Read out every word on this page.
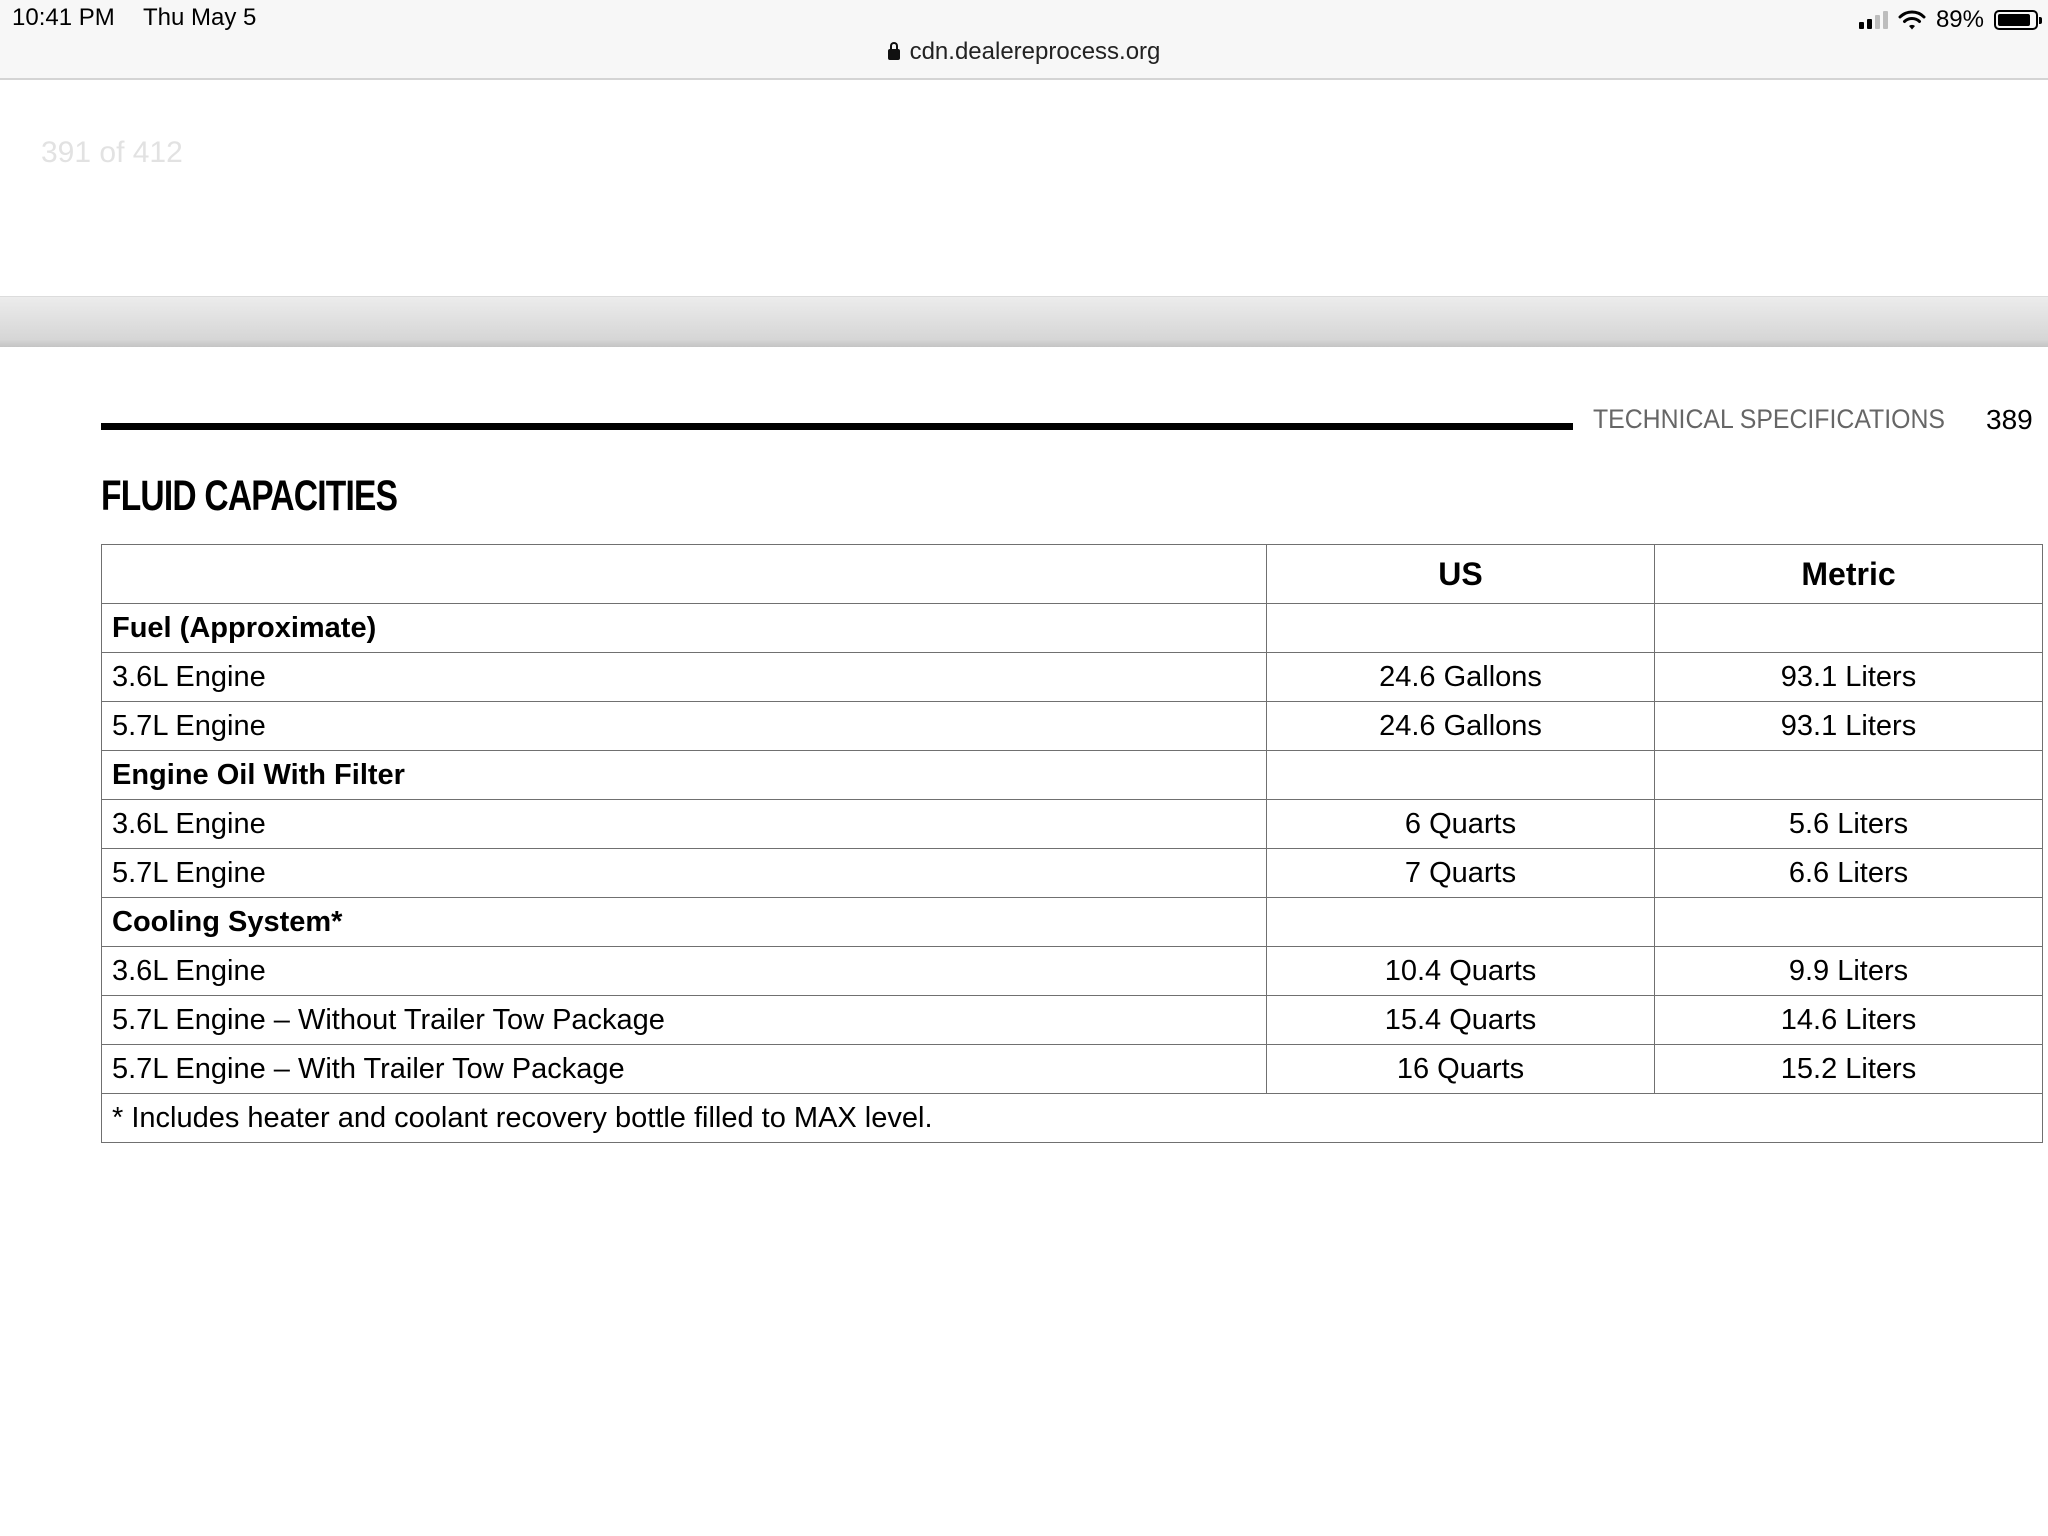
10:41 PM Thu May 5	89%
cdn.dealereprocess.org
391 of 412
TECHNICAL SPECIFICATIONS 389
FLUID CAPACITIES
	US	Metric
Fuel (Approximate)		
3.6L Engine	24.6 Gallons	93.1 Liters
5.7L Engine	24.6 Gallons	93.1 Liters
Engine Oil With Filter		
3.6L Engine	6 Quarts	5.6 Liters
5.7L Engine	7 Quarts	6.6 Liters
Cooling System*		
3.6L Engine	10.4 Quarts	9.9 Liters
5.7L Engine – Without Trailer Tow Package	15.4 Quarts	14.6 Liters
5.7L Engine – With Trailer Tow Package	16 Quarts	15.2 Liters
* Includes heater and coolant recovery bottle filled to MAX level.		
